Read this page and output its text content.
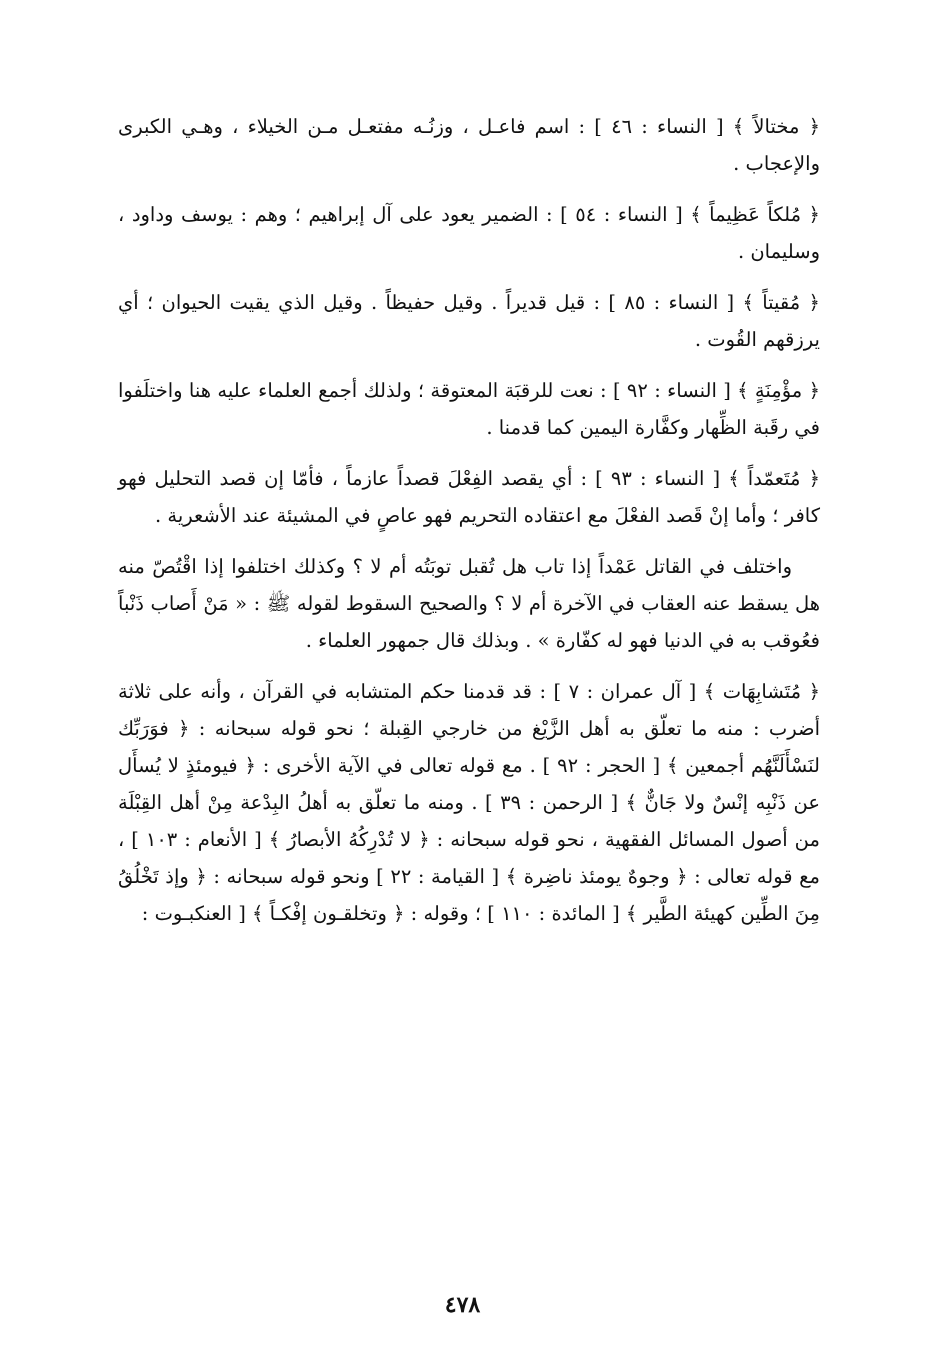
﴿ مختالاً ﴾ [ النساء : ٤٦ ] : اسم فاعـل ، وزنُـه مفتعـل مـن الخيلاء ، وهـي الكبرى والإعجاب .

﴿ مُلكاً عَظِيماً ﴾ [ النساء : ٥٤ ] : الضمير يعود على آل إبراهيم ؛ وهم : يوسف وداود ، وسليمان .

﴿ مُقيتاً ﴾ [ النساء : ٨٥ ] : قيل قديراً . وقيل حفيظاً . وقيل الذي يقيت الحيوان ؛ أي يرزقهم القُوت .

﴿ مؤْمِنَةٍ ﴾ [ النساء : ٩٢ ] : نعت للرقبَة المعتوقة ؛ ولذلك أجمع العلماء عليه هنا واختلَفوا في رقَبة الظِّهار وكفَّارة اليمين كما قدمنا .

﴿ مُتَعمّداً ﴾ [ النساء : ٩٣ ] : أي يقصد الفِعْلَ قصداً عازماً ، فأمّا إن قصد التحليل فهو كافر ؛ وأما إنْ قَصد الفعْلَ مع اعتقاده التحريم فهو عاصٍ في المشيئة عند الأشعرية .

واختلف في القاتل عَمْداً إذا تاب هل تُقبل توبَتُه أم لا ؟ وكذلك اختلفوا إذا اقْتُصّ منه هل يسقط عنه العقاب في الآخرة أم لا ؟ والصحيح السقوط لقوله ﷺ : « مَنْ أَصاب ذَنْباً فعُوقب به في الدنيا فهو له كفّارة » . وبذلك قال جمهور العلماء .

﴿ مُتَشابِهَات ﴾ [ آل عمران : ٧ ] : قد قدمنا حكم المتشابه في القرآن ، وأنه على ثلاثة أضرب : منه ما تعلّق به أهل الزَّيْغ من خارجي القِبلة ؛ نحو قوله سبحانه : ﴿ فوَرَبِّك لنَسْأَلَنَّهُم أجمعين ﴾ [ الحجر : ٩٢ ] . مع قوله تعالى في الآية الأخرى : ﴿ فيومئذٍ لا يُسأَل عن ذَنْبِه إنْسٌ ولا جَانٌّ ﴾ [ الرحمن : ٣٩ ] . ومنه ما تعلّق به أهلُ البِدْعة مِنْ أهل القِبْلَة من أصول المسائل الفقهية ، نحو قوله سبحانه : ﴿ لا تُدْرِكُهُ الأبصارُ ﴾ [ الأنعام : ١٠٣ ] ، مع قوله تعالى : ﴿ وجوهٌ يومئذ ناضِرة ﴾ [ القيامة : ٢٢ ] ونحو قوله سبحانه : ﴿ وإذ تَخْلُقُ مِنَ الطِّين كهيئة الطَّير ﴾ [ المائدة : ١١٠ ] ؛ وقوله : ﴿ وتخلقـون إفْكـاً ﴾ [ العنكبـوت :

٤٧٨
